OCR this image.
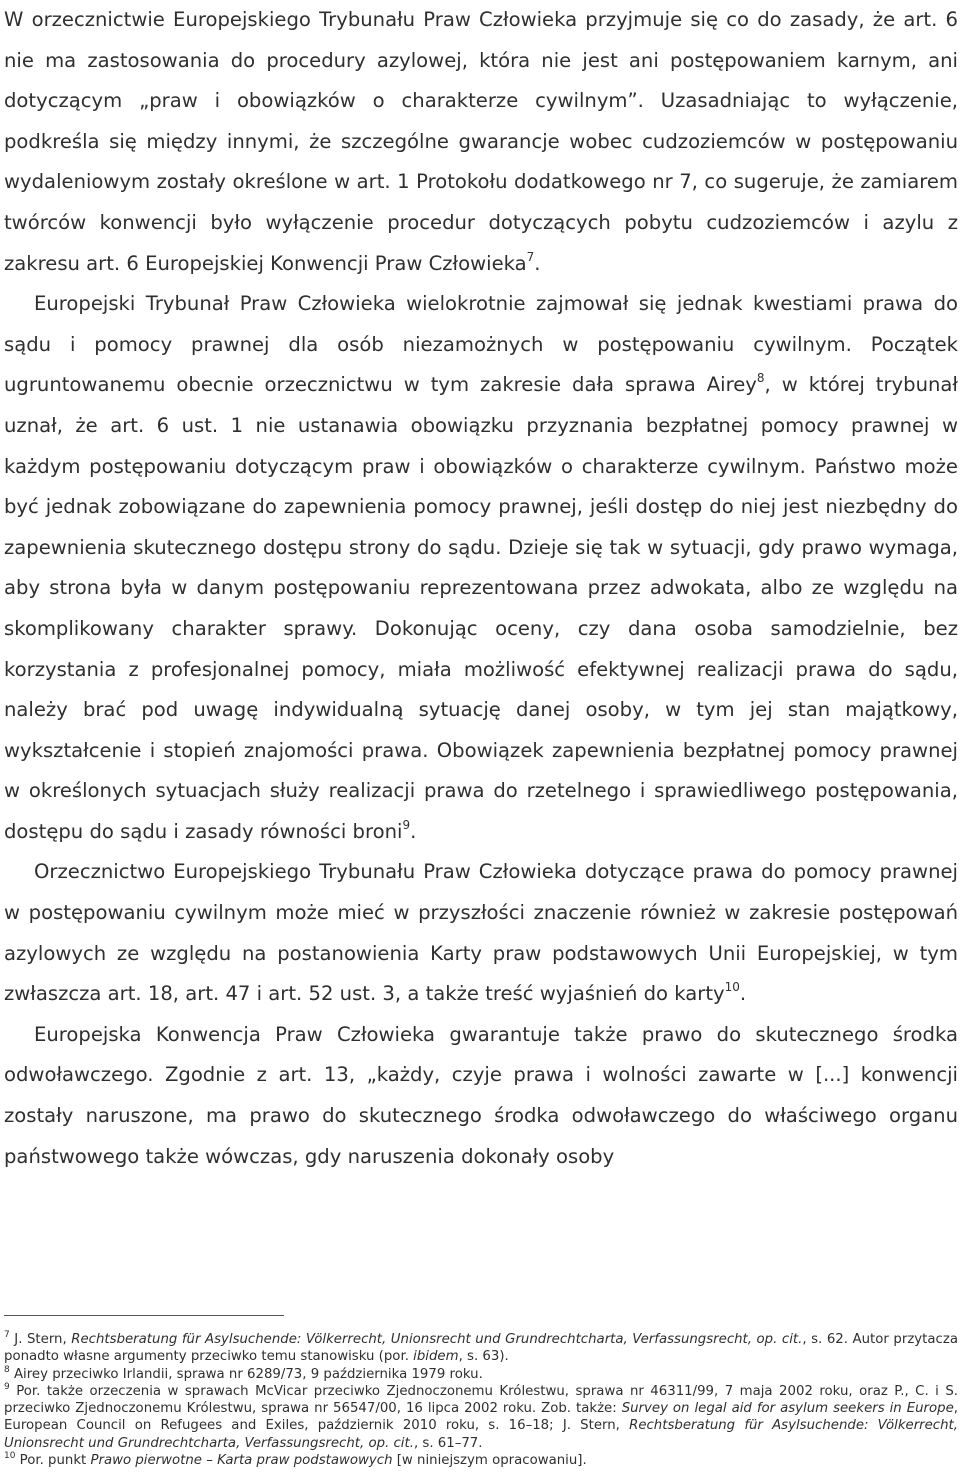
W orzecznictwie Europejskiego Trybunału Praw Człowieka przyjmuje się co do zasady, że art. 6 nie ma zastosowania do procedury azylowej, która nie jest ani postępowaniem karnym, ani dotyczącym „praw i obowiązków o charakterze cywilnym”. Uzasadniając to wyłączenie, podkreśla się między innymi, że szczególne gwarancje wobec cudzoziemców w postępowaniu wydaleniowym zostały określone w art. 1 Protokołu dodatkowego nr 7, co sugeruje, że zamiarem twórców konwencji było wyłączenie procedur dotyczących pobytu cudzoziemców i azylu z zakresu art. 6 Europejskiej Konwencji Praw Człowieka$^7$.

Europejski Trybunał Praw Człowieka wielokrotnie zajmował się jednak kwestiami prawa do sądu i pomocy prawnej dla osób niezamożnych w postępowaniu cywilnym. Początek ugruntowanemu obecnie orzecznictwu w tym zakresie dała sprawa Airey$^8$, w której trybunał uznał, że art. 6 ust. 1 nie ustanawia obowiązku przyznania bezpłatnej pomocy prawnej w każdym postępowaniu dotyczącym praw i obowiązków o charakterze cywilnym. Państwo może być jednak zobowiązane do zapewnienia pomocy prawnej, jeśli dostęp do niej jest niezbędny do zapewnienia skutecznego dostępu strony do sądu. Dzieje się tak w sytuacji, gdy prawo wymaga, aby strona była w danym postępowaniu reprezentowana przez adwokata, albo ze względu na skomplikowany charakter sprawy. Dokonując oceny, czy dana osoba samodzielnie, bez korzystania z profesjonalnej pomocy, miała możliwość efektywnej realizacji prawa do sądu, należy brać pod uwagę indywidualną sytuację danej osoby, w tym jej stan majątkowy, wykształcenie i stopień znajomości prawa. Obowiązek zapewnienia bezpłatnej pomocy prawnej w określonych sytuacjach służy realizacji prawa do rzetelnego i sprawiedliwego postępowania, dostępu do sądu i zasady równości broni$^9$.

Orzecznictwo Europejskiego Trybunału Praw Człowieka dotyczące prawa do pomocy prawnej w postępowaniu cywilnym może mieć w przyszłości znaczenie również w zakresie postępowań azylowych ze względu na postanowienia Karty praw podstawowych Unii Europejskiej, w tym zwłaszcza art. 18, art. 47 i art. 52 ust. 3, a także treść wyjaśnień do karty$^{10}$.

Europejska Konwencja Praw Człowieka gwarantuje także prawo do skutecznego środka odwoławczego. Zgodnie z art. 13, „każdy, czyje prawa i wolności zawarte w [...] konwencji zostały naruszone, ma prawo do skutecznego środka odwoławczego do właściwego organu państwowego także wówczas, gdy naruszenia dokonały osoby

$^7$ J. Stern, Rechtsberatung für Asylsuchende: Völkerrecht, Unionsrecht und Grundrechtcharta, Verfassungsrecht, op. cit., s. 62. Autor przytacza ponadto własne argumenty przeciwko temu stanowisku (por. ibidem, s. 63).

$^8$ Airey przeciwko Irlandii, sprawa nr 6289/73, 9 października 1979 roku.

$^9$ Por. także orzeczenia w sprawach McVicar przeciwko Zjednoczonemu Królestwu, sprawa nr 46311/99, 7 maja 2002 roku, oraz P., C. i S. przeciwko Zjednoczonemu Królestwu, sprawa nr 56547/00, 16 lipca 2002 roku. Zob. także: Survey on legal aid for asylum seekers in Europe, European Council on Refugees and Exiles, październik 2010 roku, s. 16–18; J. Stern, Rechtsberatung für Asylsuchende: Völkerrecht, Unionsrecht und Grundrechtcharta, Verfassungsrecht, op. cit., s. 61–77.

$^{10}$ Por. punkt Prawo pierwotne – Karta praw podstawowych [w niniejszym opracowaniu].
